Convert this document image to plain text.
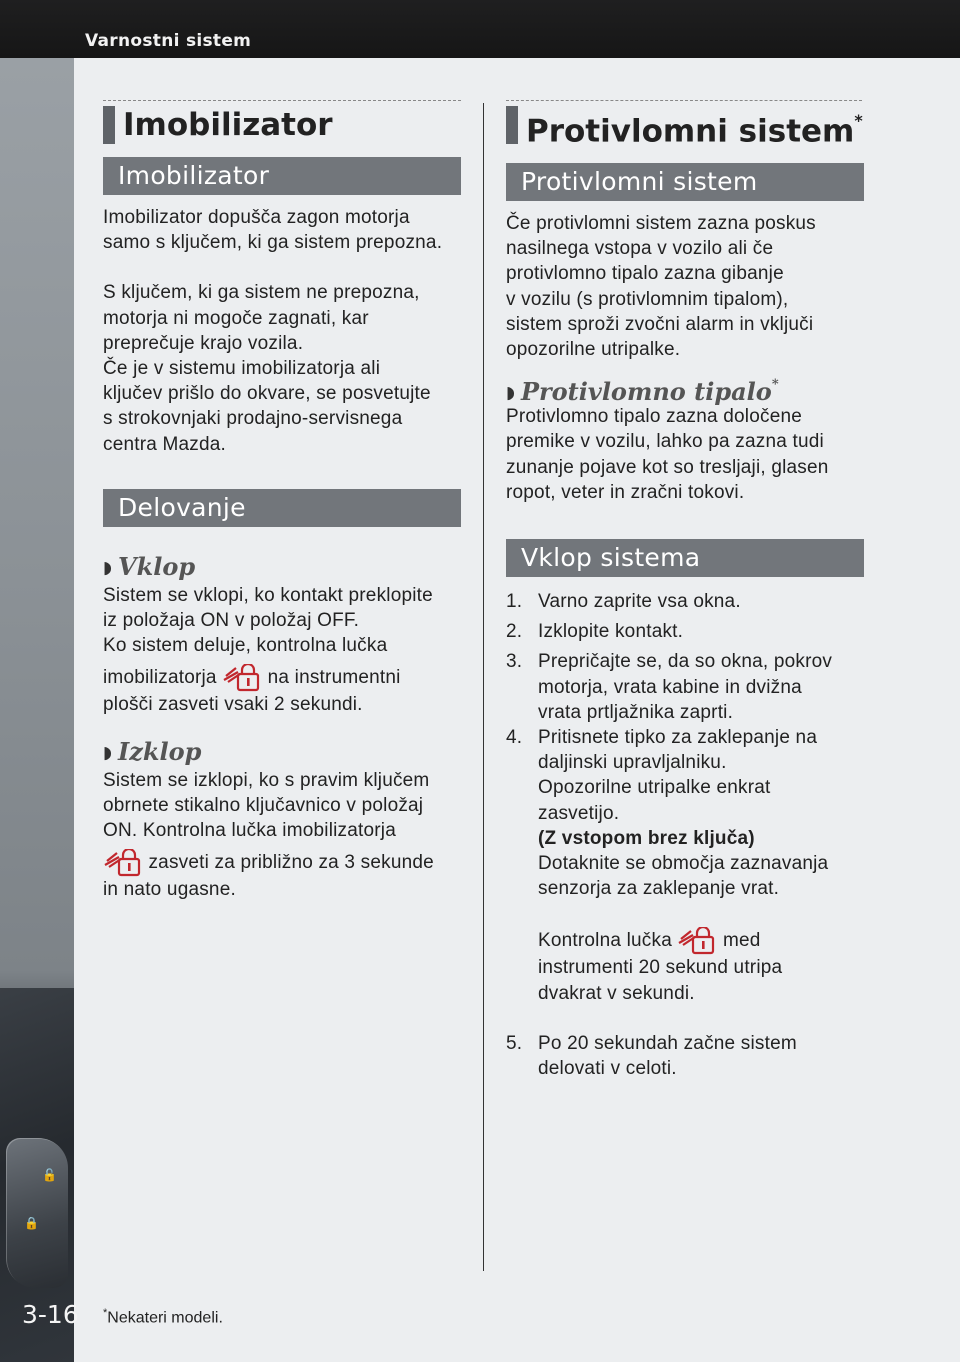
Varnostni sistem
🔓
🔒
3-16
Imobilizator
Imobilizator

Imobilizator dopušča zagon motorja

samo s ključem, ki ga sistem prepozna.

S ključem, ki ga sistem ne prepozna,

motorja ni mogoče zagnati, kar

preprečuje krajo vozila.

Če je v sistemu imobilizatorja ali

ključev prišlo do okvare, se posvetujte

s strokovnjaki prodajno-servisnega

centra Mazda.

Delovanje
◗ Vklop

Sistem se vklopi, ko kontakt preklopite

iz položaja ON v položaj OFF.

Ko sistem deluje, kontrolna lučka

imobilizatorja	na instrumentni

plošči zasveti vsaki 2 sekundi.

◗ Izklop

Sistem se izklopi, ko s pravim ključem

obrnete stikalno ključavnico v položaj

ON. Kontrolna lučka imobilizatorja

zasveti za približno za 3 sekunde

in nato ugasne.

Protivlomni sistem*
Protivlomni sistem

Če protivlomni sistem zazna poskus

nasilnega vstopa v vozilo ali če

protivlomno tipalo zazna gibanje

v vozilu (s protivlomnim tipalom),

sistem sproži zvočni alarm in vključi

opozorilne utripalke.

◗ Protivlomno tipalo*

Protivlomno tipalo zazna določene

premike v vozilu, lahko pa zazna tudi

zunanje pojave kot so tresljaji, glasen

ropot, veter in zračni tokovi.

Vklop sistema
1. Varno zaprite vsa okna.

2. Izklopite kontakt.

3. Prepričajte se, da so okna, pokrov

motorja, vrata kabine in dvižna

vrata prtljažnika zaprti.

4. Pritisnete tipko za zaklepanje na

daljinski upravljalniku.

Opozorilne utripalke enkrat

zasvetijo.

(Z vstopom brez ključa)

Dotaknite se območja zaznavanja

senzorja za zaklepanje vrat.

Kontrolna lučka	med

instrumenti 20 sekund utripa

dvakrat v sekundi.

5. Po 20 sekundah začne sistem

delovati v celoti.

*Nekateri modeli.
